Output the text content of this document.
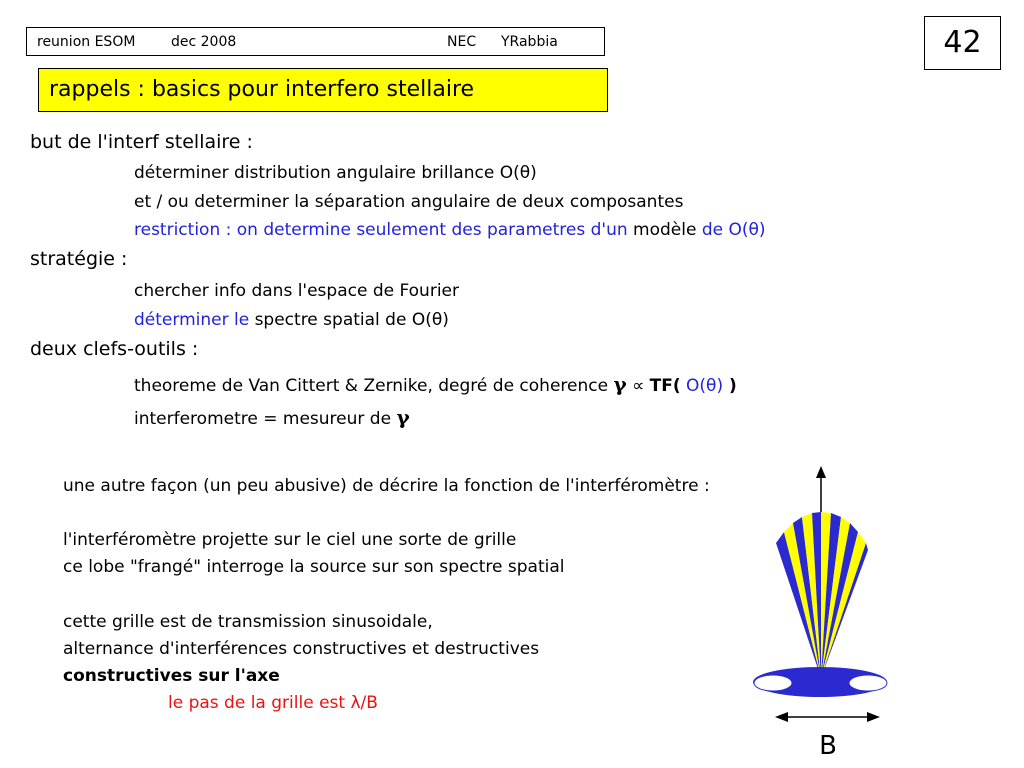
reunion ESOM	dec 2008	NEC YRabbia	42
rappels : basics pour interfero stellaire
but de l'interf stellaire :
déterminer distribution angulaire brillance O(θ)
et / ou determiner la séparation angulaire de deux composantes
restriction : on determine seulement des parametres d'un modèle de O(θ)
stratégie :
chercher info dans l'espace de Fourier
déterminer le spectre spatial de O(θ)
deux clefs-outils :
theoreme de Van Cittert & Zernike, degré de coherence γ ∝ TF( O(θ) )
interferometre = mesureur de γ
une autre façon (un peu abusive) de décrire la fonction de l'interféromètre :
l'interféromètre projette sur le ciel une sorte de grille
ce lobe "frangé" interroge la source sur son spectre spatial
cette grille est de transmission sinusoidale,
alternance d'interférences constructives et destructives
constructives sur l'axe
le pas de la grille est λ/B
B
